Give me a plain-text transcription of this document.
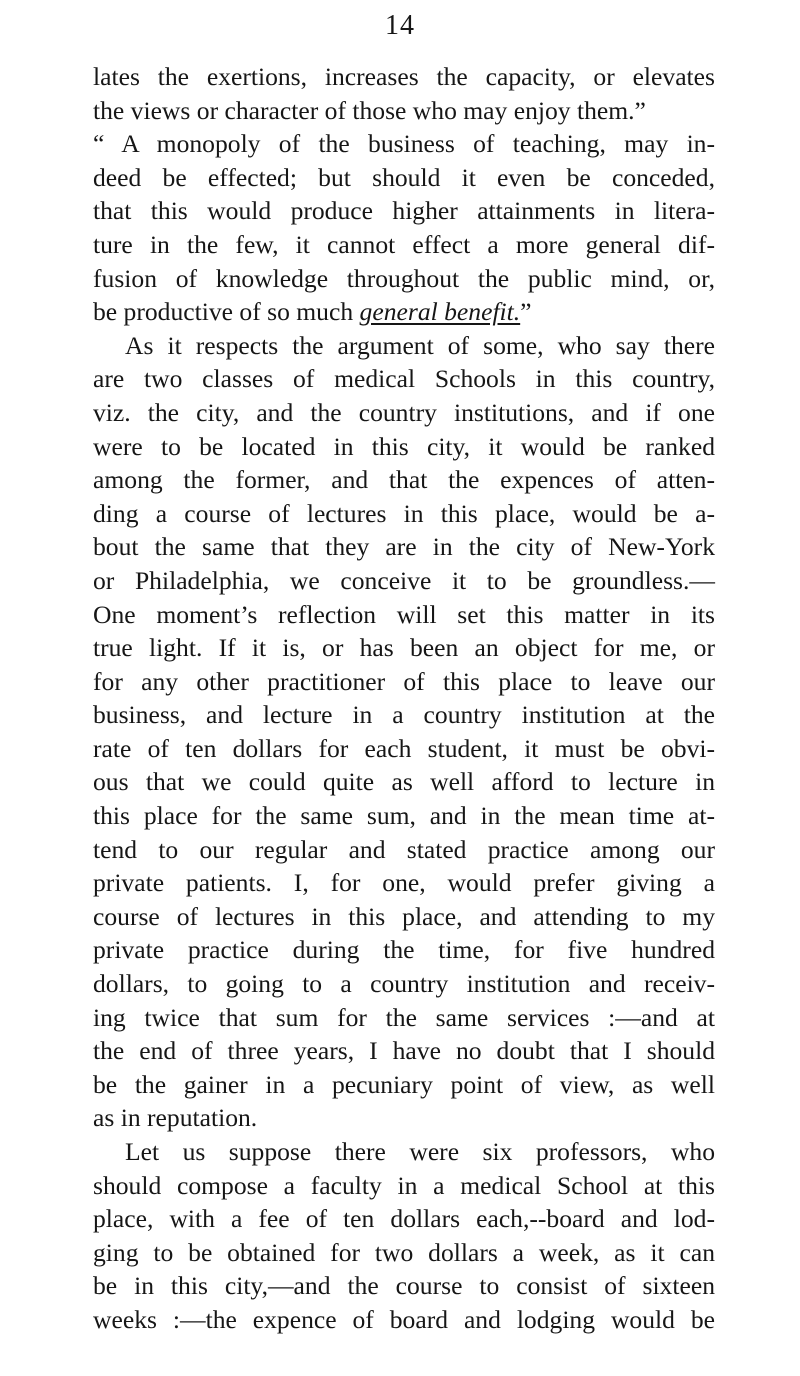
14
lates the exertions, increases the capacity, or elevates
the views or character of those who may enjoy them.”
“ A monopoly of the business of teaching, may in-
deed be effected; but should it even be conceded,
that this would produce higher attainments in litera-
ture in the few, it cannot effect a more general dif-
fusion of knowledge throughout the public mind, or,
be productive of so much general benefit.”
As it respects the argument of some, who say there
are two classes of medical Schools in this country,
viz. the city, and the country institutions, and if one
were to be located in this city, it would be ranked
among the former, and that the expences of atten-
ding a course of lectures in this place, would be a-
bout the same that they are in the city of New-York
or Philadelphia, we conceive it to be groundless.—
One moment’s reflection will set this matter in its
true light. If it is, or has been an object for me, or
for any other practitioner of this place to leave our
business, and lecture in a country institution at the
rate of ten dollars for each student, it must be obvi-
ous that we could quite as well afford to lecture in
this place for the same sum, and in the mean time at-
tend to our regular and stated practice among our
private patients. I, for one, would prefer giving a
course of lectures in this place, and attending to my
private practice during the time, for five hundred
dollars, to going to a country institution and receiv-
ing twice that sum for the same services :—and at
the end of three years, I have no doubt that I should
be the gainer in a pecuniary point of view, as well
as in reputation.
Let us suppose there were six professors, who
should compose a faculty in a medical School at this
place, with a fee of ten dollars each,--board and lod-
ging to be obtained for two dollars a week, as it can
be in this city,—and the course to consist of sixteen
weeks :—the expence of board and lodging would be
